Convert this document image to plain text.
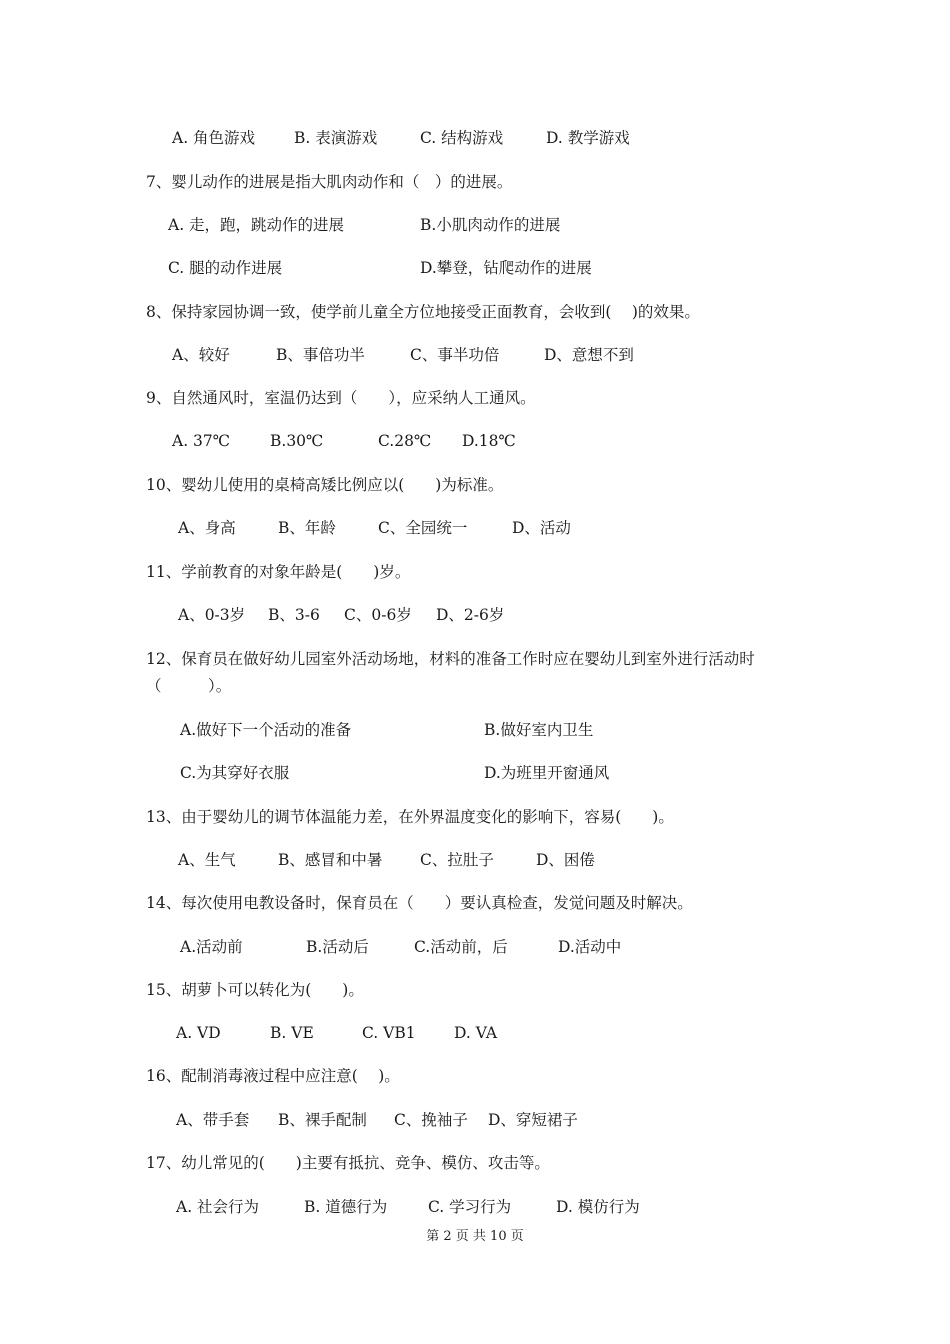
A. 角色游戏	B. 表演游戏	C. 结构游戏	D. 教学游戏
7、婴儿动作的进展是指大肌肉动作和（　）的进展。
A. 走，跑，跳动作的进展	B.小肌肉动作的进展
C. 腿的动作进展	D.攀登，钻爬动作的进展
8、保持家园协调一致，使学前儿童全方位地接受正面教育，会收到(　 )的效果。
A、较好	B、事倍功半	C、事半功倍	D、意想不到
9、自然通风时，室温仍达到（　　），应采纳人工通风。
A. 37℃	B.30℃	C.28℃ D.18℃
10、婴幼儿使用的桌椅高矮比例应以(　　)为标准。
A、身高	B、年龄	C、全园统一	D、活动
11、学前教育的对象年龄是(　　)岁。
A、0-3岁 B、3-6 C、0-6岁 D、2-6岁
12、保育员在做好幼儿园室外活动场地，材料的准备工作时应在婴幼儿到室外进行活动时
（　　　）。
A.做好下一个活动的准备	B.做好室内卫生
C.为其穿好衣服	D.为班里开窗通风
13、由于婴幼儿的调节体温能力差，在外界温度变化的影响下，容易(　　)。
A、生气	B、感冒和中暑 C、拉肚子	D、困倦
14、每次使用电教设备时，保育员在（　　）要认真检查，发觉问题及时解决。
A.活动前	B.活动后	C.活动前，后	D.活动中
15、胡萝卜可以转化为(　　)。
A. VD	B. VE	C. VB1 D. VA
16、配制消毒液过程中应注意(　 )。
A、带手套 B、裸手配制 C、挽袖子 D、穿短裙子
17、幼儿常见的(　　)主要有抵抗、竞争、模仿、攻击等。
A. 社会行为	B. 道德行为	C. 学习行为	D. 模仿行为
第 2 页 共 10 页
